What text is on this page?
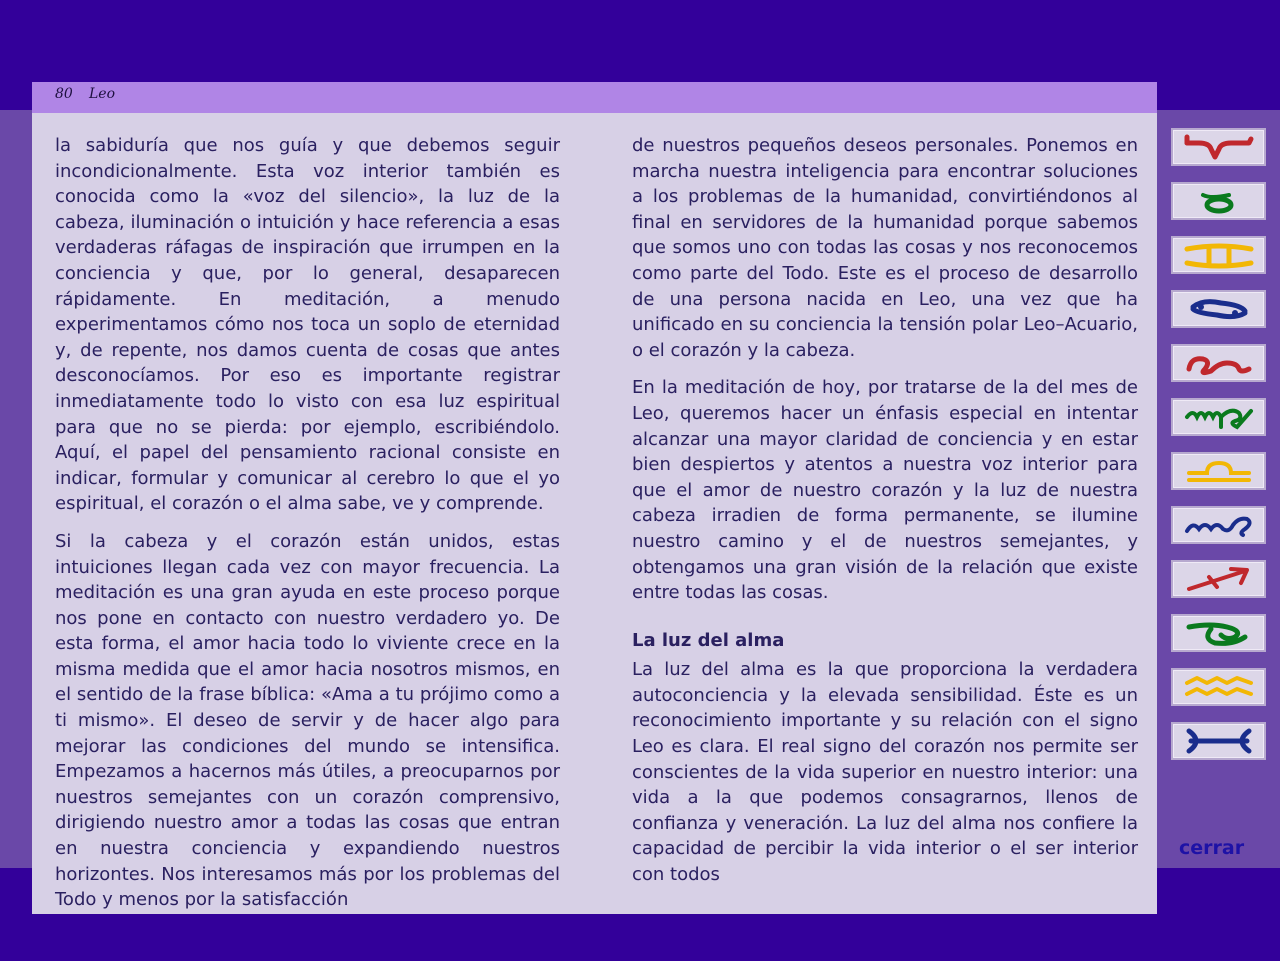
80 Leo

la sabiduría que nos guía y que debemos seguir incondicionalmente. Esta voz interior también es conocida como la «voz del silencio», la luz de la cabeza, iluminación o intuición y hace referencia a esas verdaderas ráfagas de inspiración que irrumpen en la conciencia y que, por lo general, desaparecen rápidamente. En meditación, a menudo experimentamos cómo nos toca un soplo de eternidad y, de repente, nos damos cuenta de cosas que antes desconocíamos. Por eso es importante registrar inmediatamente todo lo visto con esa luz espiritual para que no se pierda: por ejemplo, escribiéndolo. Aquí, el papel del pensamiento racional consiste en indicar, formular y comunicar al cerebro lo que el yo espiritual, el corazón o el alma sabe, ve y comprende.

Si la cabeza y el corazón están unidos, estas intuiciones llegan cada vez con mayor frecuencia. La meditación es una gran ayuda en este proceso porque nos pone en contacto con nuestro verdadero yo. De esta forma, el amor hacia todo lo viviente crece en la misma medida que el amor hacia nosotros mismos, en el sentido de la frase bíblica: «Ama a tu prójimo como a ti mismo». El deseo de servir y de hacer algo para mejorar las condiciones del mundo se intensifica. Empezamos a hacernos más útiles, a preocuparnos por nuestros semejantes con un corazón comprensivo, dirigiendo nuestro amor a todas las cosas que entran en nuestra conciencia y expandiendo nuestros horizontes. Nos interesamos más por los problemas del Todo y menos por la satisfacción

de nuestros pequeños deseos personales. Ponemos en marcha nuestra inteligencia para encontrar soluciones a los problemas de la humanidad, convirtiéndonos al final en servidores de la humanidad porque sabemos que somos uno con todas las cosas y nos reconocemos como parte del Todo. Este es el proceso de desarrollo de una persona nacida en Leo, una vez que ha unificado en su conciencia la tensión polar Leo–Acuario, o el corazón y la cabeza.

En la meditación de hoy, por tratarse de la del mes de Leo, queremos hacer un énfasis especial en intentar alcanzar una mayor claridad de conciencia y en estar bien despiertos y atentos a nuestra voz interior para que el amor de nuestro corazón y la luz de nuestra cabeza irradien de forma permanente, se ilumine nuestro camino y el de nuestros semejantes, y obtengamos una gran visión de la relación que existe entre todas las cosas.

La luz del alma

La luz del alma es la que proporciona la verdadera autoconciencia y la elevada sensibilidad. Éste es un reconocimiento importante y su relación con el signo Leo es clara. El real signo del corazón nos permite ser conscientes de la vida superior en nuestro interior: una vida a la que podemos consagrarnos, llenos de confianza y veneración. La luz del alma nos confiere la capacidad de percibir la vida interior o el ser interior con todos

cerrar
